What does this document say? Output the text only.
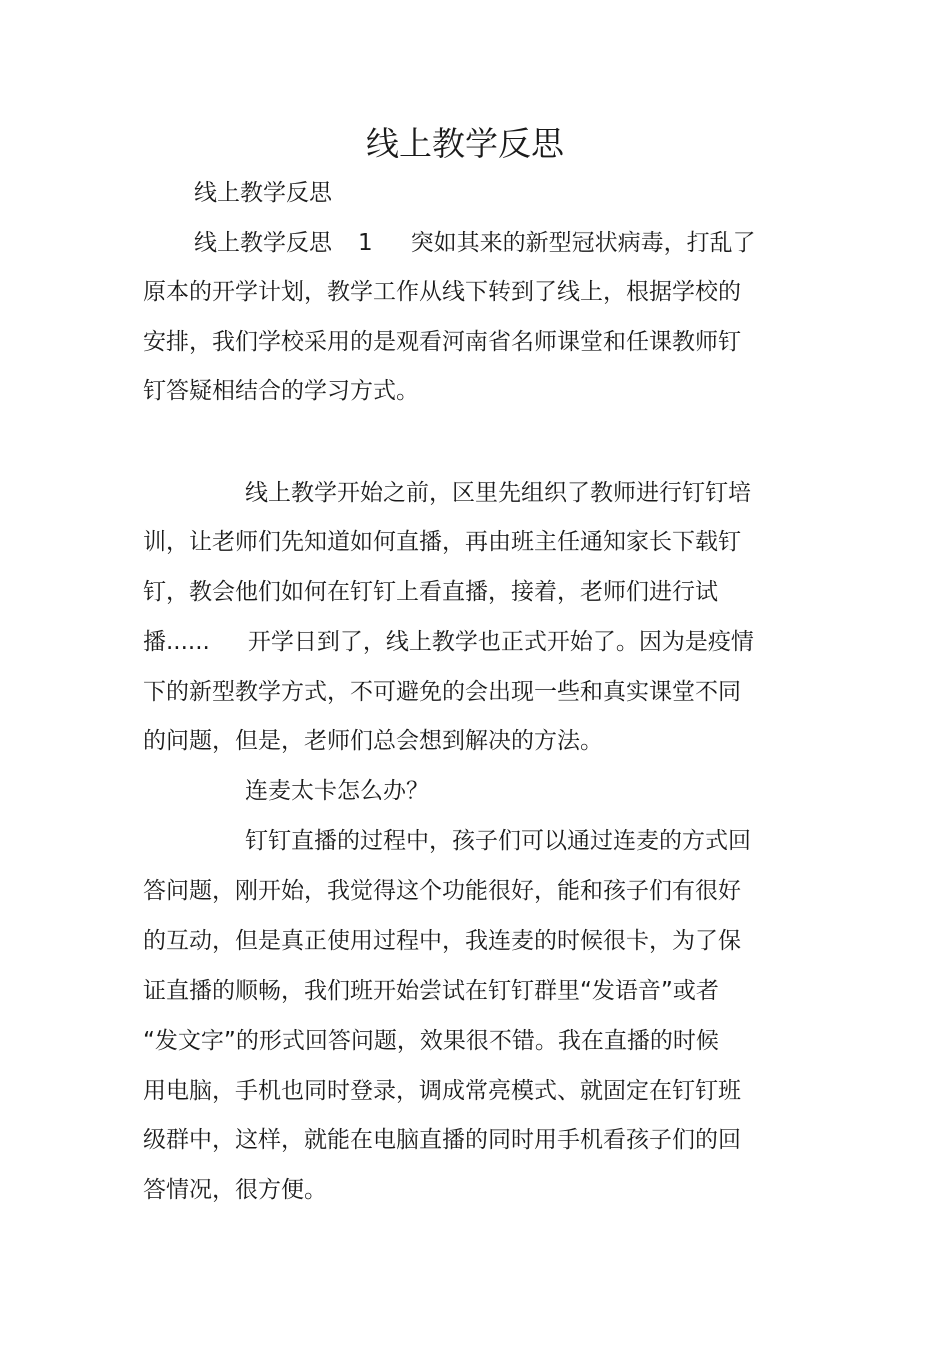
线上教学反思
线上教学反思
线上教学反思 1 突如其来的新型冠状病毒，打乱了
原本的开学计划，教学工作从线下转到了线上，根据学校的
安排，我们学校采用的是观看河南省名师课堂和任课教师钉
钉答疑相结合的学习方式。
线上教学开始之前，区里先组织了教师进行钉钉培
训，让老师们先知道如何直播，再由班主任通知家长下载钉
钉，教会他们如何在钉钉上看直播，接着，老师们进行试
播...... 开学日到了，线上教学也正式开始了。因为是疫情
下的新型教学方式，不可避免的会出现一些和真实课堂不同
的问题，但是，老师们总会想到解决的方法。
连麦太卡怎么办？
钉钉直播的过程中，孩子们可以通过连麦的方式回
答问题，刚开始，我觉得这个功能很好，能和孩子们有很好
的互动，但是真正使用过程中，我连麦的时候很卡，为了保
证直播的顺畅，我们班开始尝试在钉钉群里“发语音”或者
“发文字”的形式回答问题，效果很不错。我在直播的时候
用电脑，手机也同时登录，调成常亮模式、就固定在钉钉班
级群中，这样，就能在电脑直播的同时用手机看孩子们的回
答情况，很方便。
